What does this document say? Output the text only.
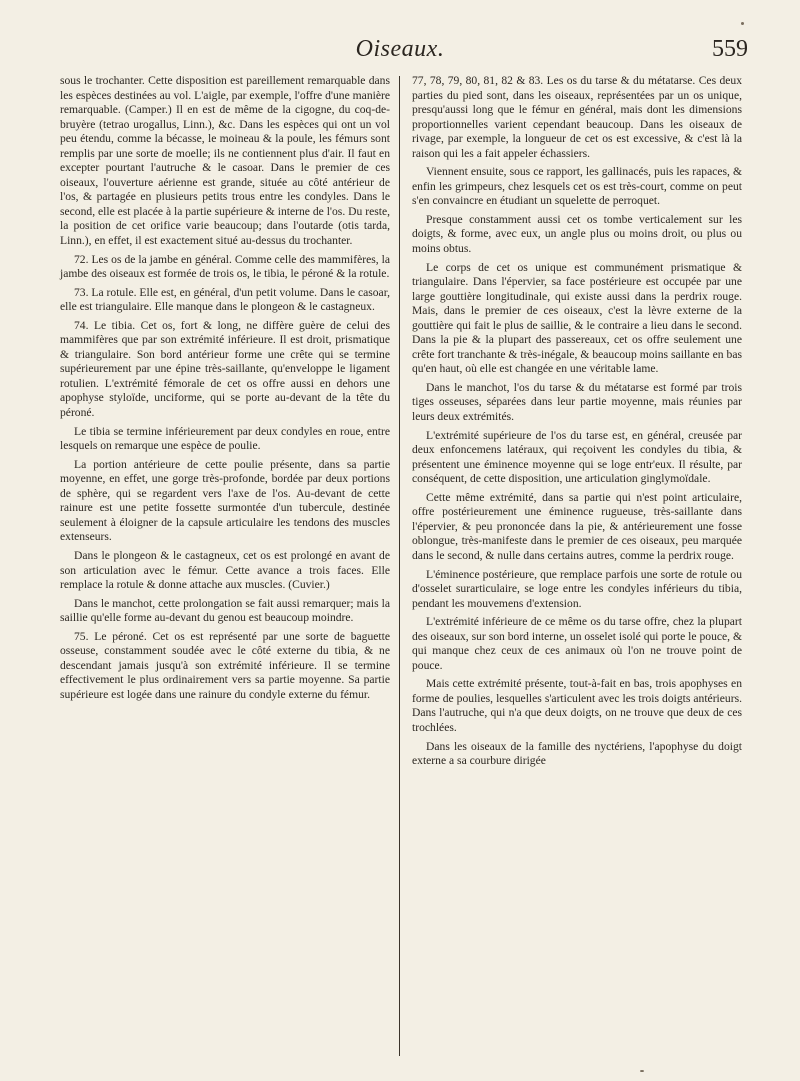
Oiseaux.	559

sous le trochanter. Cette disposition est pareillement remarquable dans les espèces destinées au vol. L'aigle, par exemple, l'offre d'une manière remarquable. (Camper.) Il en est de même de la cigogne, du coq-de-bruyère (tetrao urogallus, Linn.), &c. Dans les espèces qui ont un vol peu étendu, comme la bécasse, le moineau & la poule, les fémurs sont remplis par une sorte de moelle; ils ne contiennent plus d'air. Il faut en excepter pourtant l'autruche & le casoar. Dans le premier de ces oiseaux, l'ouverture aérienne est grande, située au côté antérieur de l'os, & partagée en plusieurs petits trous entre les condyles. Dans le second, elle est placée à la partie supérieure & interne de l'os. Du reste, la position de cet orifice varie beaucoup; dans l'outarde (otis tarda, Linn.), en effet, il est exactement situé au-dessus du trochanter.

72. Les os de la jambe en général. Comme celle des mammifères, la jambe des oiseaux est formée de trois os, le tibia, le péroné & la rotule.

73. La rotule. Elle est, en général, d'un petit volume. Dans le casoar, elle est triangulaire. Elle manque dans le plongeon & le castagneux.

74. Le tibia. Cet os, fort & long, ne diffère guère de celui des mammifères que par son extrémité inférieure. Il est droit, prismatique & triangulaire. Son bord antérieur forme une crête qui se termine supérieurement par une épine très-saillante, qu'enveloppe le ligament rotulien. L'extrémité fémorale de cet os offre aussi en dehors une apophyse styloïde, unciforme, qui se porte au-devant de la tête du péroné.

Le tibia se termine inférieurement par deux condyles en roue, entre lesquels on remarque une espèce de poulie.

La portion antérieure de cette poulie présente, dans sa partie moyenne, en effet, une gorge très-profonde, bordée par deux portions de sphère, qui se regardent vers l'axe de l'os. Au-devant de cette rainure est une petite fossette surmontée d'un tubercule, destinée seulement à éloigner de la capsule articulaire les tendons des muscles extenseurs.

Dans le plongeon & le castagneux, cet os est prolongé en avant de son articulation avec le fémur. Cette avance a trois faces. Elle remplace la rotule & donne attache aux muscles. (Cuvier.)

Dans le manchot, cette prolongation se fait aussi remarquer; mais la saillie qu'elle forme au-devant du genou est beaucoup moindre.

75. Le péroné. Cet os est représenté par une sorte de baguette osseuse, constamment soudée avec le côté externe du tibia, & ne descendant jamais jusqu'à son extrémité inférieure. Il se termine effectivement le plus ordinairement vers sa partie moyenne. Sa partie supérieure est logée dans une rainure du condyle externe du fémur.

77, 78, 79, 80, 81, 82 & 83. Les os du tarse & du métatarse. Ces deux parties du pied sont, dans les oiseaux, représentées par un os unique, presqu'aussi long que le fémur en général, mais dont les dimensions proportionnelles varient cependant beaucoup. Dans les oiseaux de rivage, par exemple, la longueur de cet os est excessive, & c'est là la raison qui les a fait appeler échassiers.

Viennent ensuite, sous ce rapport, les gallinacés, puis les rapaces, & enfin les grimpeurs, chez lesquels cet os est très-court, comme on peut s'en convaincre en étudiant un squelette de perroquet.

Presque constamment aussi cet os tombe verticalement sur les doigts, & forme, avec eux, un angle plus ou moins droit, ou plus ou moins obtus.

Le corps de cet os unique est communément prismatique & triangulaire. Dans l'épervier, sa face postérieure est occupée par une large gouttière longitudinale, qui existe aussi dans la perdrix rouge. Mais, dans le premier de ces oiseaux, c'est la lèvre externe de la gouttière qui fait le plus de saillie, & le contraire a lieu dans le second. Dans la pie & la plupart des passereaux, cet os offre seulement une crête fort tranchante & très-inégale, & beaucoup moins saillante en bas qu'en haut, où elle est changée en une véritable lame.

Dans le manchot, l'os du tarse & du métatarse est formé par trois tiges osseuses, séparées dans leur partie moyenne, mais réunies par leurs deux extrémités.

L'extrémité supérieure de l'os du tarse est, en général, creusée par deux enfoncemens latéraux, qui reçoivent les condyles du tibia, & présentent une éminence moyenne qui se loge entr'eux. Il résulte, par conséquent, de cette disposition, une articulation ginglymoïdale.

Cette même extrémité, dans sa partie qui n'est point articulaire, offre postérieurement une éminence rugueuse, très-saillante dans l'épervier, & peu prononcée dans la pie, & antérieurement une fosse oblongue, très-manifeste dans le premier de ces oiseaux, peu marquée dans le second, & nulle dans certains autres, comme la perdrix rouge.

L'éminence postérieure, que remplace parfois une sorte de rotule ou d'osselet surarticulaire, se loge entre les condyles inférieurs du tibia, pendant les mouvemens d'extension.

L'extrémité inférieure de ce même os du tarse offre, chez la plupart des oiseaux, sur son bord interne, un osselet isolé qui porte le pouce, & qui manque chez ceux de ces animaux où l'on ne trouve point de pouce.

Mais cette extrémité présente, tout-à-fait en bas, trois apophyses en forme de poulies, lesquelles s'articulent avec les trois doigts antérieurs. Dans l'autruche, qui n'a que deux doigts, on ne trouve que deux de ces trochlées.

Dans les oiseaux de la famille des nyctériens, l'apophyse du doigt externe a sa courbure dirigée
